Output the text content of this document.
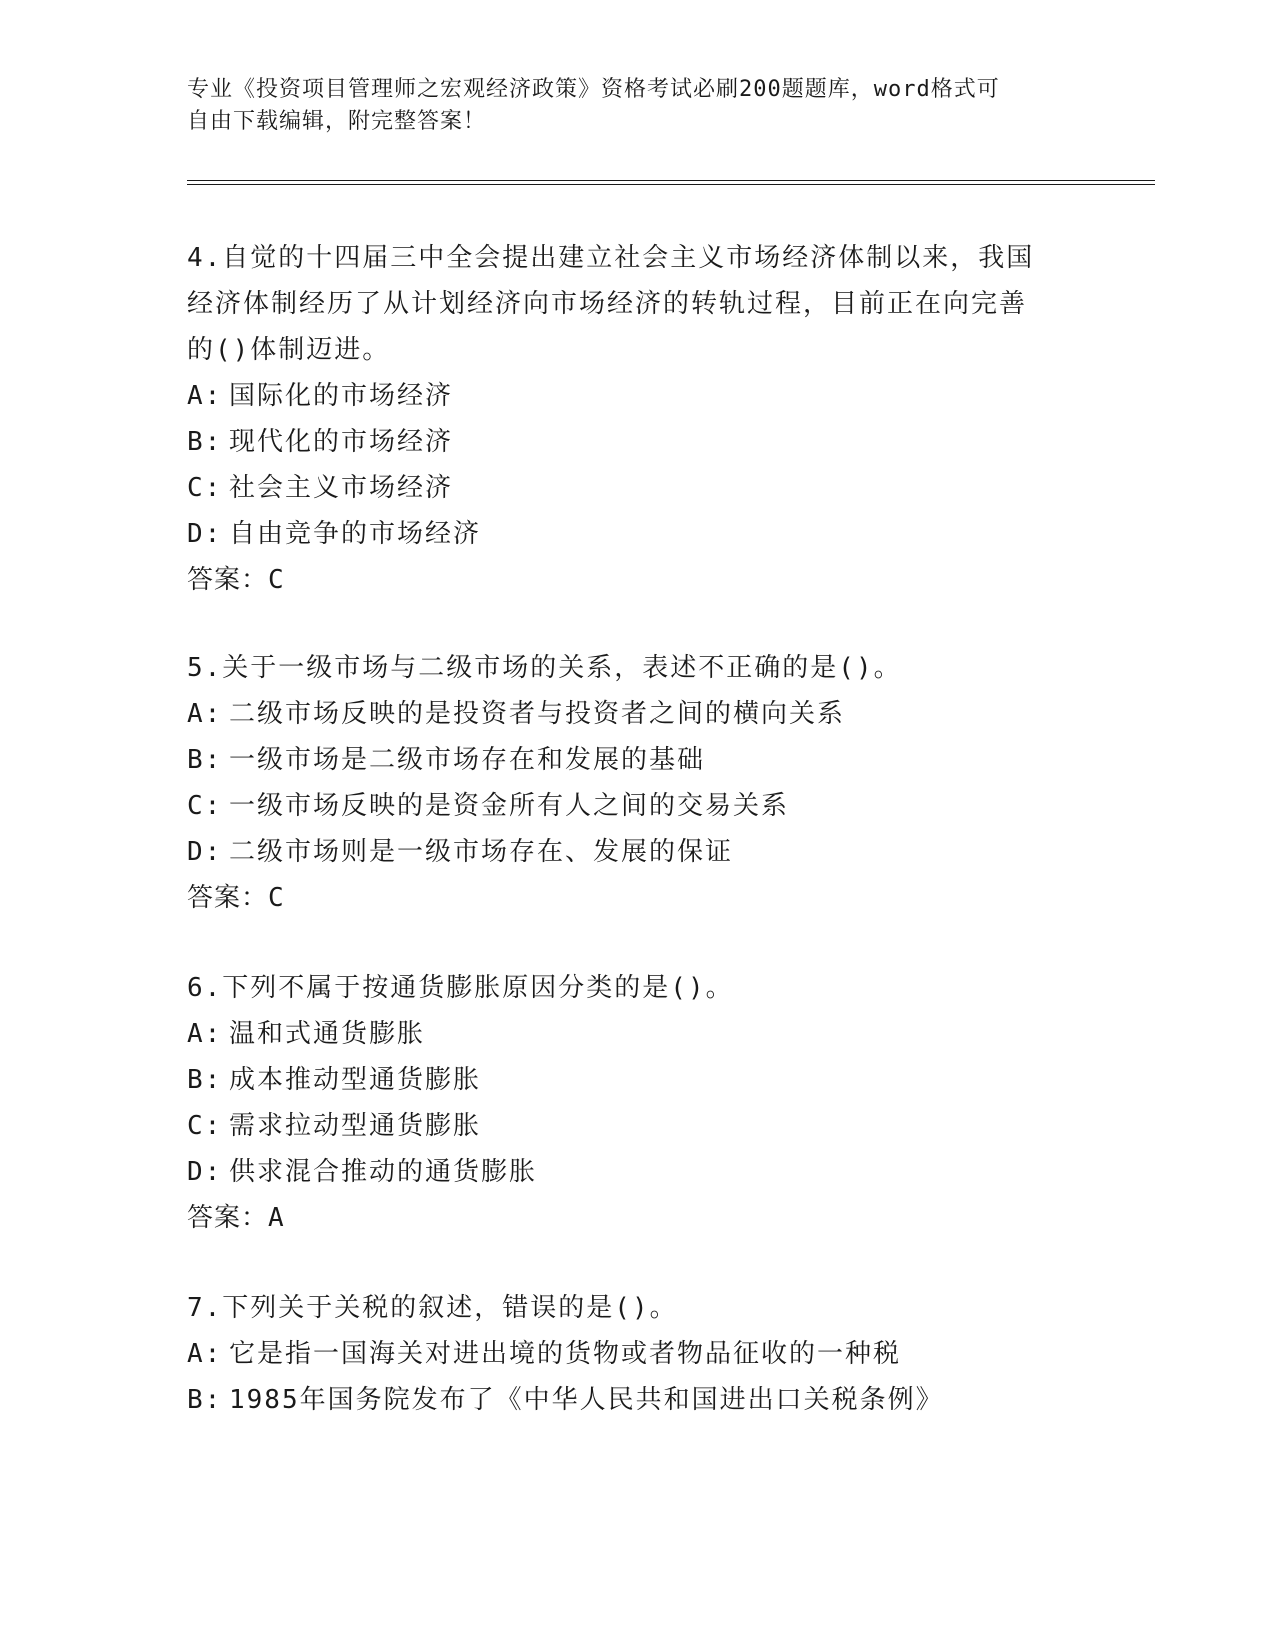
专业《投资项目管理师之宏观经济政策》资格考试必刷200题题库，word格式可
自由下载编辑，附完整答案！
4.自觉的十四届三中全会提出建立社会主义市场经济体制以来，我国
经济体制经历了从计划经济向市场经济的转轨过程，目前正在向完善
的()体制迈进。
A: 国际化的市场经济
B: 现代化的市场经济
C: 社会主义市场经济
D: 自由竞争的市场经济
答案：C
5.关于一级市场与二级市场的关系，表述不正确的是()。
A: 二级市场反映的是投资者与投资者之间的横向关系
B: 一级市场是二级市场存在和发展的基础
C: 一级市场反映的是资金所有人之间的交易关系
D: 二级市场则是一级市场存在、发展的保证
答案：C
6.下列不属于按通货膨胀原因分类的是()。
A: 温和式通货膨胀
B: 成本推动型通货膨胀
C: 需求拉动型通货膨胀
D: 供求混合推动的通货膨胀
答案：A
7.下列关于关税的叙述，错误的是()。
A: 它是指一国海关对进出境的货物或者物品征收的一种税
B: 1985年国务院发布了《中华人民共和国进出口关税条例》
